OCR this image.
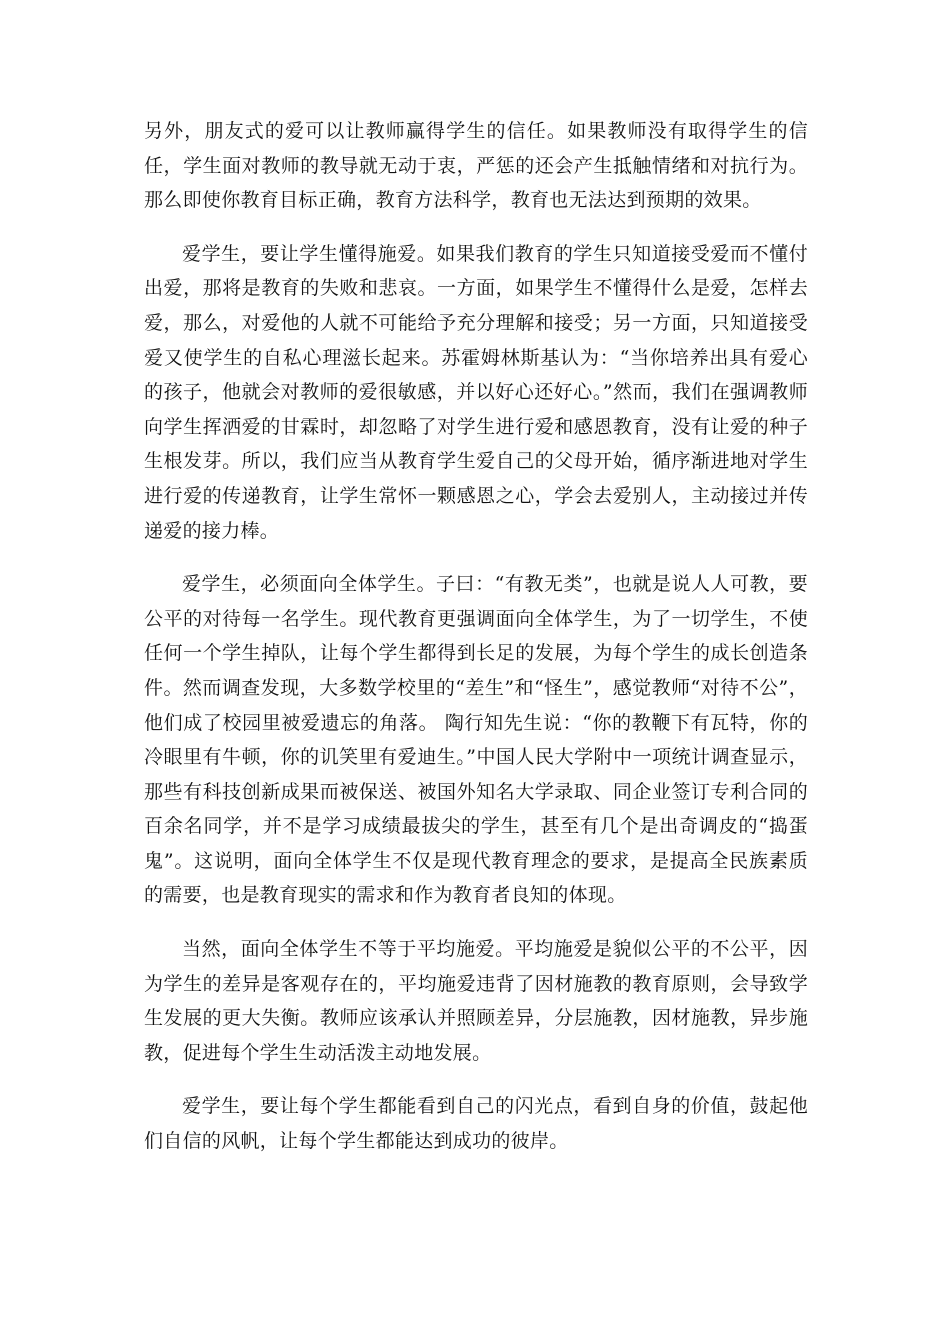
另外，朋友式的爱可以让教师赢得学生的信任。如果教师没有取得学生的信任，学生面对教师的教导就无动于衷，严惩的还会产生抵触情绪和对抗行为。那么即使你教育目标正确，教育方法科学，教育也无法达到预期的效果。

爱学生，要让学生懂得施爱。如果我们教育的学生只知道接受爱而不懂付出爱，那将是教育的失败和悲哀。一方面，如果学生不懂得什么是爱，怎样去爱，那么，对爱他的人就不可能给予充分理解和接受；另一方面，只知道接受爱又使学生的自私心理滋长起来。苏霍姆林斯基认为：“当你培养出具有爱心的孩子，他就会对教师的爱很敏感，并以好心还好心。”然而，我们在强调教师向学生挥洒爱的甘霖时，却忽略了对学生进行爱和感恩教育，没有让爱的种子生根发芽。所以，我们应当从教育学生爱自己的父母开始，循序渐进地对学生进行爱的传递教育，让学生常怀一颗感恩之心，学会去爱别人，主动接过并传递爱的接力棒。

爱学生，必须面向全体学生。子曰：“有教无类”，也就是说人人可教，要公平的对待每一名学生。现代教育更强调面向全体学生，为了一切学生，不使任何一个学生掉队，让每个学生都得到长足的发展，为每个学生的成长创造条件。然而调查发现，大多数学校里的“差生”和“怪生”，感觉教师“对待不公”，他们成了校园里被爱遗忘的角落。 陶行知先生说：“你的教鞭下有瓦特，你的冷眼里有牛顿，你的讥笑里有爱迪生。”中国人民大学附中一项统计调查显示，那些有科技创新成果而被保送、被国外知名大学录取、同企业签订专利合同的百余名同学，并不是学习成绩最拔尖的学生，甚至有几个是出奇调皮的“捣蛋鬼”。这说明，面向全体学生不仅是现代教育理念的要求，是提高全民族素质的需要，也是教育现实的需求和作为教育者良知的体现。

当然，面向全体学生不等于平均施爱。平均施爱是貌似公平的不公平，因为学生的差异是客观存在的，平均施爱违背了因材施教的教育原则，会导致学生发展的更大失衡。教师应该承认并照顾差异，分层施教，因材施教，异步施教，促进每个学生生动活泼主动地发展。

爱学生，要让每个学生都能看到自己的闪光点，看到自身的价值，鼓起他们自信的风帆，让每个学生都能达到成功的彼岸。
